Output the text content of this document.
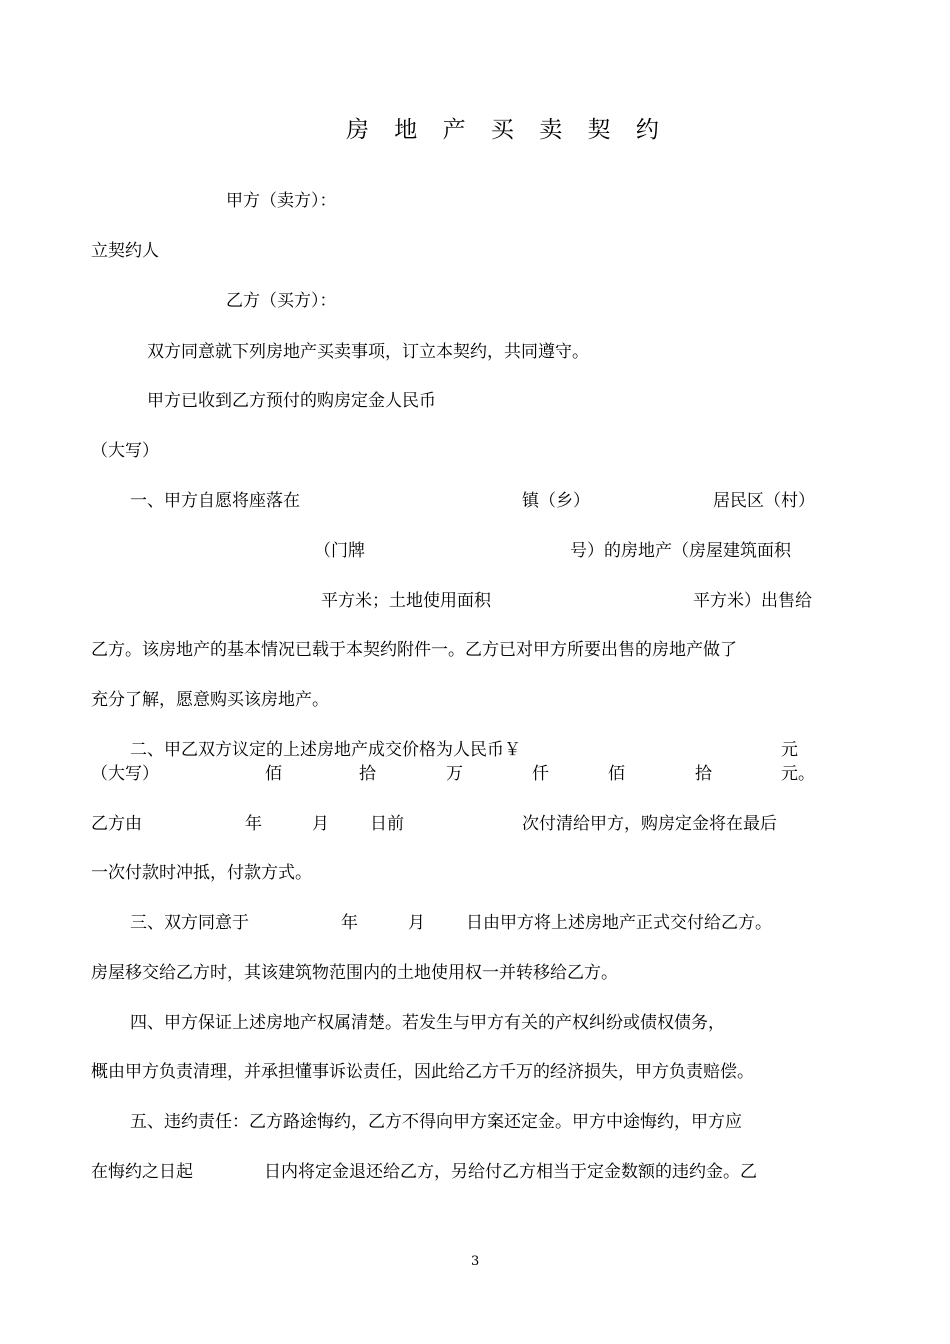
房 地 产 买 卖 契 约
甲方（卖方）：
立契约人
乙方（买方）：
双方同意就下列房地产买卖事项，订立本契约，共同遵守。
甲方已收到乙方预付的购房定金人民币
（大写）
一、甲方自愿将座落在	镇（乡）	居民区（村）
（门牌	号）的房地产（房屋建筑面积
平方米；土地使用面积	平方米）出售给
乙方。该房地产的基本情况已载于本契约附件一。乙方已对甲方所要出售的房地产做了
充分了解，愿意购买该房地产。
二、甲乙双方议定的上述房地产成交价格为人民币￥	元
（大写）	佰	拾	万	仟	佰	拾	元。
乙方由	年	月 日前	次付清给甲方，购房定金将在最后
一次付款时冲抵，付款方式。
三、双方同意于	年	月 日由甲方将上述房地产正式交付给乙方。
房屋移交给乙方时，其该建筑物范围内的土地使用权一并转移给乙方。
四、甲方保证上述房地产权属清楚。若发生与甲方有关的产权纠纷或债权债务，
概由甲方负责清理，并承担懂事诉讼责任，因此给乙方千万的经济损失，甲方负责赔偿。
五、违约责任：乙方路途悔约，乙方不得向甲方案还定金。甲方中途悔约，甲方应
在悔约之日起	日内将定金退还给乙方，另给付乙方相当于定金数额的违约金。乙
3
